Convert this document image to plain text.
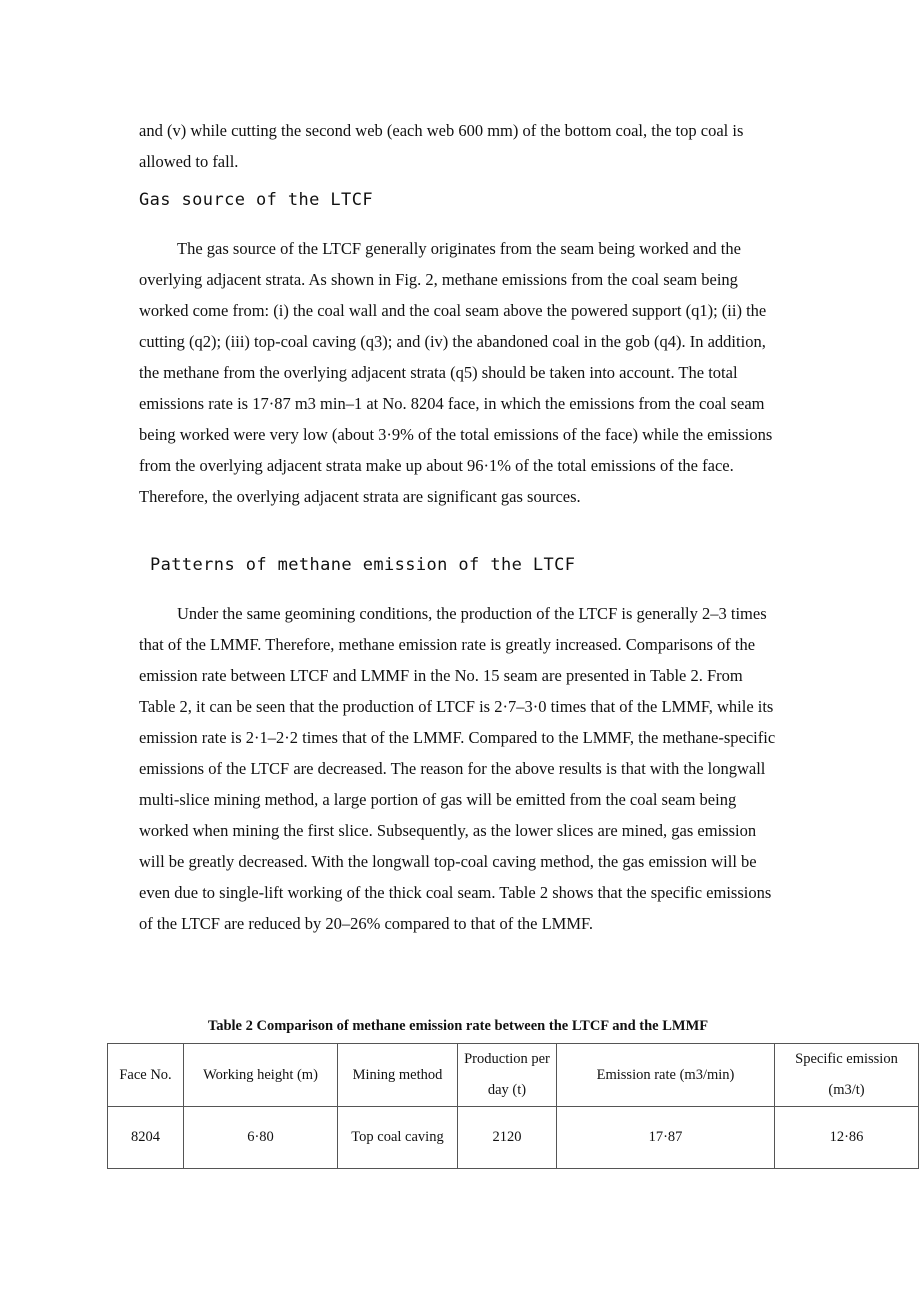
and (v) while cutting the second web (each web 600 mm) of the bottom coal, the top coal is allowed to fall.

Gas source of the LTCF

The gas source of the LTCF generally originates from the seam being worked and the overlying adjacent strata. As shown in Fig. 2, methane emissions from the coal seam being worked come from: (i) the coal wall and the coal seam above the powered support (q1); (ii) the cutting (q2); (iii) top-coal caving (q3); and (iv) the abandoned coal in the gob (q4). In addition, the methane from the overlying adjacent strata (q5) should be taken into account. The total emissions rate is 17·87 m3 min–1 at No. 8204 face, in which the emissions from the coal seam being worked were very low (about 3·9% of the total emissions of the face) while the emissions from the overlying adjacent strata make up about 96·1% of the total emissions of the face. Therefore, the overlying adjacent strata are significant gas sources.

Patterns of methane emission of the LTCF

Under the same geomining conditions, the production of the LTCF is generally 2–3 times that of the LMMF. Therefore, methane emission rate is greatly increased. Comparisons of the emission rate between LTCF and LMMF in the No. 15 seam are presented in Table 2. From Table 2, it can be seen that the production of LTCF is 2·7–3·0 times that of the LMMF, while its emission rate is 2·1–2·2 times that of the LMMF. Compared to the LMMF, the methane-specific emissions of the LTCF are decreased. The reason for the above results is that with the longwall multi-slice mining method, a large portion of gas will be emitted from the coal seam being worked when mining the first slice. Subsequently, as the lower slices are mined, gas emission will be greatly decreased. With the longwall top-coal caving method, the gas emission will be even due to single-lift working of the thick coal seam. Table 2 shows that the specific emissions of the LTCF are reduced by 20–26% compared to that of the LMMF.

Table 2 Comparison of methane emission rate between the LTCF and the LMMF

Face No.	Working height (m)	Mining method	Production per day (t)	Emission rate (m3/min)	Specific emission (m3/t)
8204	6·80	Top coal caving	2120	17·87	12·86
